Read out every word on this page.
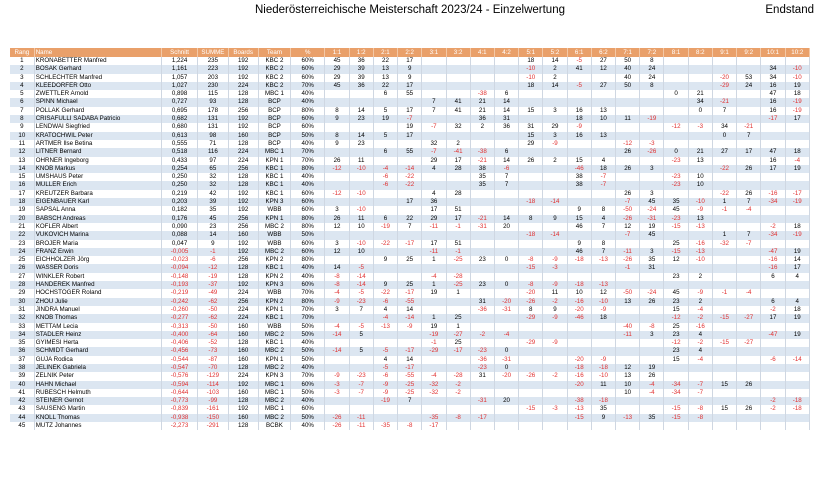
Niederösterreichische Meisterschaft 2023/24 - Einzelwertung	Endstand
Rang	Name	Schnitt	SUMME	Boards	Team	%	1:1	1:2	2:1	2:2	3:1	3:2	4:1	4:2	5:1	5:2	6:1	6:2	7:1	7:2	8:1	8:2	9:1	9:2	10:1	10:2
1	KRONABETTER Manfred	1,224	235	192	KBC 2	60%	45	36	22	17					18	14	-5	27	50	8						
2	BOSAK Gerhard	1,161	223	192	KBC 2	60%	29	39	13	9					-10	2	41	12	40	24					34	-10
3	SCHLECHTER Manfred	1,057	203	192	KBC 2	60%	29	39	13	9					-10	2			40	24			-20	53	34	-10
4	KLEEDORFER Otto	1,027	230	224	KBC 2	70%	45	36	22	17					18	14	-5	27	50	8			-29	24	16	19
5	ZWETTLER Arnold	0,898	115	128	MBC 1	40%			6	55			-38	6							0	21			47	18
6	SPINN Michael	0,727	93	128	BCP	40%					7	41	21	14								34	-21		16	-19
7	POLLAK Gerhard	0,695	178	256	BCP	80%	8	14	5	17	7	41	21	14	15	3	16	13				0	7		16	-19
8	CRISAFULLI SADABA Patricio	0,682	131	192	BCP	60%	9	23	19	-7			36	31			18	10	11	-19					-17	17
9	LENDWAI Siegfried	0,680	131	192	BCP	60%				19	-7	32	2	36	31	29	-9				-12	-3	34	-21		
10	KRATOCHWIL Peter	0,613	98	160	BCP	50%	8	14	5	17					15	3	16	13					0	7		
11	ARTMER Ilse Betina	0,555	71	128	BCP	40%	9	23			32	2			29	-9			-12	-3						
12	LITNER Bernard	0,518	116	224	MBC 1	70%			6	55	-7	-41	-38	6					26	-26	0	21	27	17	47	18
13	OHRNER Ingeborg	0,433	97	224	KPN 1	70%	26	11			29	17	-21	14	26	2	15	4			-23	13			16	-4
14	KNOB Markus	0,254	65	256	KBC 1	80%	-12	-10	-4	-14	4	28	38	-6			-46	18	26	3			-22	26	17	19
15	UMSHAUS Peter	0,250	32	128	KBC 1	40%			-6	-22			35	7			38	-7			-23	10				
16	MÜLLER Erich	0,250	32	128	KBC 1	40%			-6	-22			35	7			38	-7			-23	10				
17	KREUTZER Barbara	0,219	42	192	KBC 1	60%	-12	-10			4	28							26	3			-22	26	-16	-17
18	EIGENBAUER Karl	0,203	39	192	KPN 3	60%				17	36				-18	-14			-7	45	35	-10	1	7	-34	-19
19	SAPSAL Anna	0,182	35	192	WBB	60%	3	-10			17	51					9	8	-50	-24	45	-9	-1	-4		
20	BABSCH Andreas	0,176	45	256	KPN 1	80%	26	11	6	22	29	17	-21	14	8	9	15	4	-26	-31	-23	13				
21	KOFLER Albert	0,090	23	256	MBC 2	80%	12	10	-19	7	-11	-1	-31	20			46	7	12	19	-15	-13			-2	18
22	VUKOVICH Marina	0,088	14	160	WBB	50%									-18	-14			-7	45			1	7	-34	-19
23	BROJER Maria	0,047	9	192	WBB	60%	3	-10	-22	-17	17	51					9	8			25	-16	-32	-7		
24	FRANZ Erwin	-0,005	-1	192	MBC 2	60%	12	10			-11	-1					46	7	-11	3	-15	-13			-47	19
25	EICHHOLZER Jörg	-0,023	-6	256	KPN 2	80%			9	25	1	-25	23	0	-8	-9	-18	-13	-26	35	12	-10			-16	14
26	WASSER Doris	-0,094	-12	128	KBC 1	40%	14	-5							-15	-3			-1	31					-16	17
27	WINKLER Robert	-0,148	-19	128	KPN 2	40%	-8	-14			-4	-28									23	2			6	4
28	HANDEREK Manfred	-0,193	-37	192	KPN 3	60%	-8	-14	9	25	1	-25	23	0	-8	-9	-18	-13								
29	HOCHSTÖGER Roland	-0,219	-49	224	WBB	70%	-4	-5	-22	-17	19	1			-20	11	10	12	-50	-24	45	-9	-1	-4		
30	ZHOU Julie	-0,242	-62	256	KPN 2	80%	-9	-23	-6	-55			31	-20	-26	-2	-16	-10	13	26	23	2			6	4
31	JINDRA Manuel	-0,260	-50	224	KPN 1	70%	3	7	4	14			-36	-31	8	9	-20	-9			15	-4			-2	18
32	KNOB Thomas	-0,277	-62	224	KBC 1	70%			-4	-14	1	25			-29	-9	-46	18			-12	-2	-15	-27	17	19
33	METTAM Lecia	-0,313	-50	160	WBB	50%	-4	-5	-13	-9	19	1							-40	-8	25	-16				
34	STADLER Heinz	-0,400	-64	160	MBC 2	50%	-14	5			-19	-27	-2	-4					-11	3	23	4			-47	19
35	GYIMESI Herta	-0,406	-52	128	KBC 1	40%					-1	25			-29	-9					-12	-2	-15	-27		
36	SCHMIDT Gerhard	-0,456	-73	160	MBC 2	50%	-14	5	-5	-17	-29	-17	-23	0							23	4				
37	GUJA Rodica	-0,544	-87	160	KPN 1	50%			4	14			-36	-31			-20	-9			15	-4			-6	-14
38	JELINEK Gabriela	-0,547	-70	128	MBC 2	40%			-5	-17			-23	0			-18	-18	12	19						
39	ZELNIK Peter	-0,576	-129	224	KPN 3	70%	-9	-23	-6	-55	-4	-28	31	-20	-26	-2	-16	-10	13	26						
40	HAHN Michael	-0,594	-114	192	MBC 1	60%	-3	-7	-9	-25	-32	-2					-20	11	10	-4	-34	-7	15	26		
41	RUBESCH Helmuth	-0,644	-103	160	MBC 1	50%	-3	-7	-9	-25	-32	-2							10	-4	-34	-7				
42	STEINER Gernot	-0,773	-99	128	MBC 2	40%			-19	7			-31	20			-38	-18							-2	-18
43	SAUSENG Martin	-0,839	-161	192	MBC 1	60%									-15	-3	-13	35			-15	-8	15	26	-2	-18
44	KNOLL Thomas	-0,938	-150	160	MBC 2	50%	-26	-11			-35	-8	-17				-15	9	-13	35	-15	-8				
45	MUTZ Johannes	-2,273	-291	128	BCBK	40%	-26	-11	-35	-8	-17															
